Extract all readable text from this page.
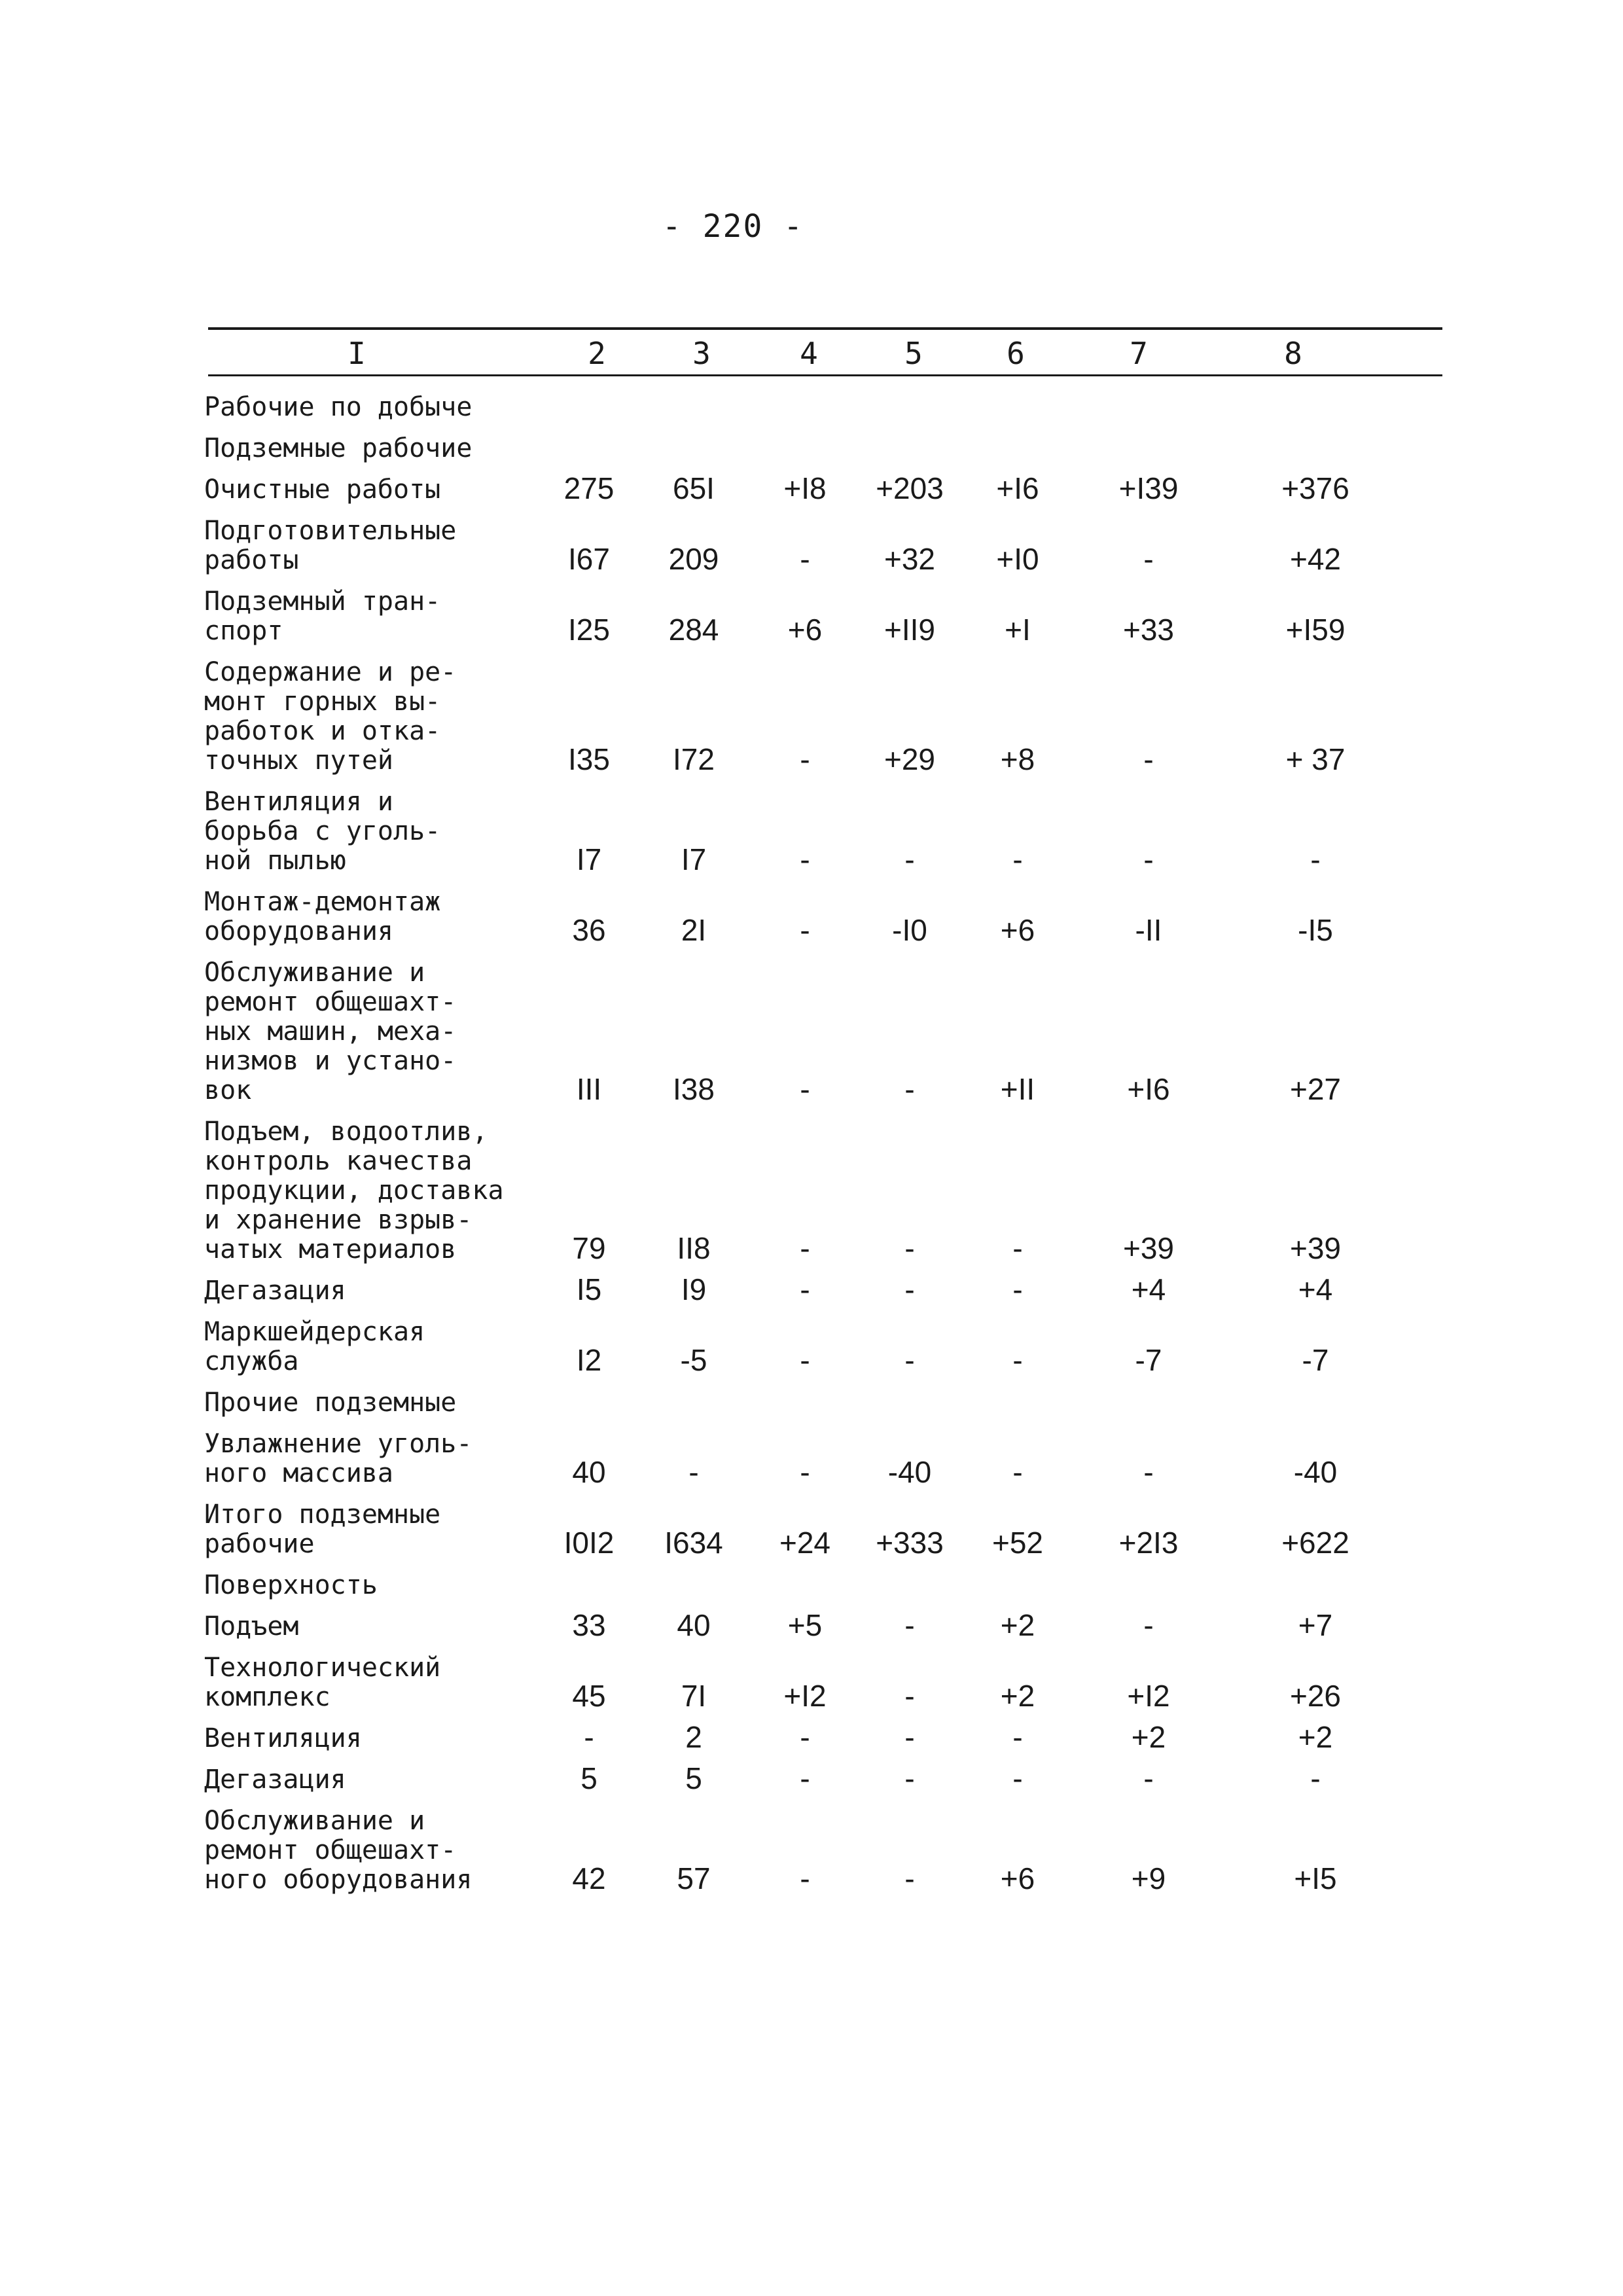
- 220 -
I	2	3	4	5	6	7	8
Рабочие по добыче
Подземные рабочие
Очистные работы	275	65I	+I8	+203	+I6	+I39	+376
Подготовительные
работы	I67	209	-	+32	+I0	-	+42
Подземный тран-
спорт	I25	284	+6	+II9	+I	+33	+I59
Содержание и ре-
монт горных вы-
работок и отка-
точных путей	I35	I72	-	+29	+8	-	+ 37
Вентиляция и
борьба с уголь-
ной пылью	I7	I7	-	-	-	-	-
Монтаж-демонтаж
оборудования	36	2I	-	-I0	+6	-II	-I5
Обслуживание и
ремонт общешахт-
ных машин, меха-
низмов и устано-
вок	III	I38	-	-	+II	+I6	+27
Подъем, водоотлив,
контроль качества
продукции, доставка
и хранение взрыв-
чатых материалов	79	II8	-	-	-	+39	+39
Дегазация	I5	I9	-	-	-	+4	+4
Маркшейдерская
служба	I2	-5	-	-	-	-7	-7
Прочие подземные
Увлажнение уголь-
ного массива	40	-	-	-40	-	-	-40
Итого подземные
рабочие	I0I2	I634	+24	+333	+52	+2I3	+622
Поверхность
Подъем	33	40	+5	-	+2	-	+7
Технологический
комплекс	45	7I	+I2	-	+2	+I2	+26
Вентиляция	-	2	-	-	-	+2	+2
Дегазация	5	5	-	-	-	-	-
Обслуживание и
ремонт общешахт-
ного оборудования	42	57	-	-	+6	+9	+I5
